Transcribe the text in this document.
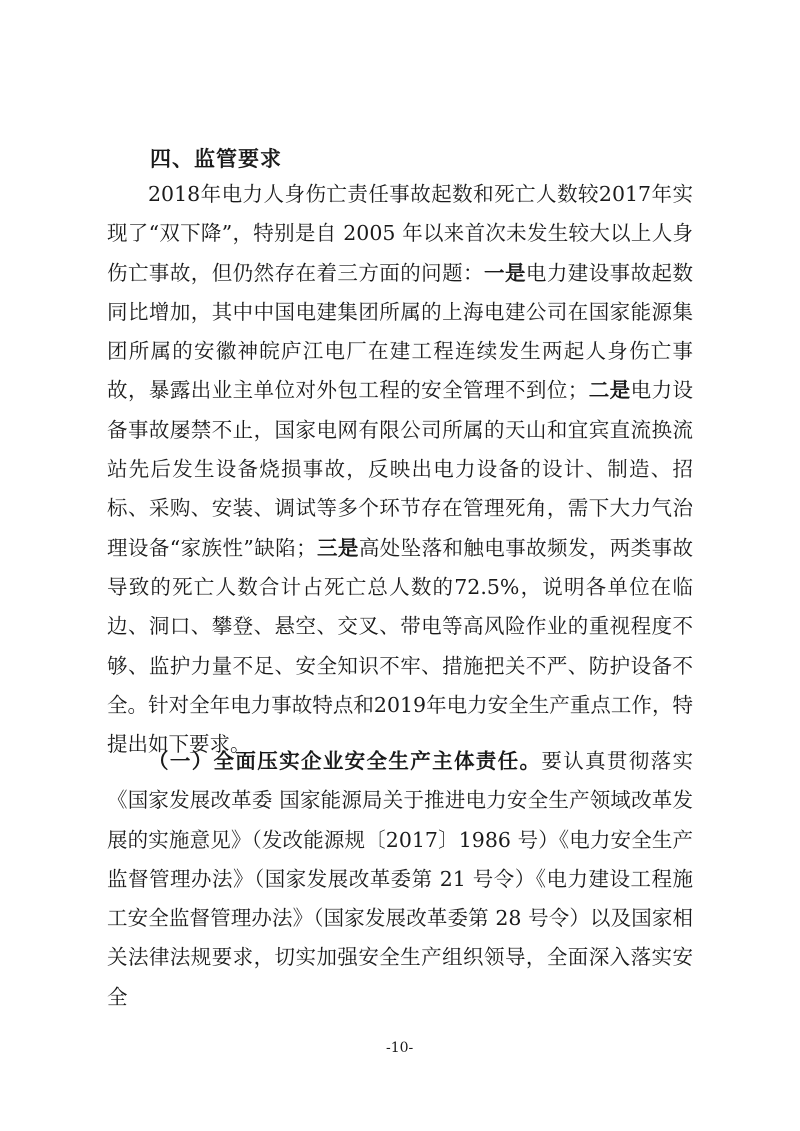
四、监管要求

2018年电力人身伤亡责任事故起数和死亡人数较2017年实现了“双下降”，特别是自 2005 年以来首次未发生较大以上人身伤亡事故，但仍然存在着三方面的问题：一是电力建设事故起数同比增加，其中中国电建集团所属的上海电建公司在国家能源集团所属的安徽神皖庐江电厂在建工程连续发生两起人身伤亡事故，暴露出业主单位对外包工程的安全管理不到位；二是电力设备事故屡禁不止，国家电网有限公司所属的天山和宜宾直流换流站先后发生设备烧损事故，反映出电力设备的设计、制造、招标、采购、安装、调试等多个环节存在管理死角，需下大力气治理设备“家族性”缺陷；三是高处坠落和触电事故频发，两类事故导致的死亡人数合计占死亡总人数的72.5%，说明各单位在临边、洞口、攀登、悬空、交叉、带电等高风险作业的重视程度不够、监护力量不足、安全知识不牢、措施把关不严、防护设备不全。针对全年电力事故特点和2019年电力安全生产重点工作，特提出如下要求。

（一）全面压实企业安全生产主体责任。要认真贯彻落实《国家发展改革委 国家能源局关于推进电力安全生产领域改革发展的实施意见》（发改能源规〔2017〕1986 号）《电力安全生产监督管理办法》（国家发展改革委第 21 号令）《电力建设工程施工安全监督管理办法》（国家发展改革委第 28 号令）以及国家相关法律法规要求，切实加强安全生产组织领导，全面深入落实安全

-10-
